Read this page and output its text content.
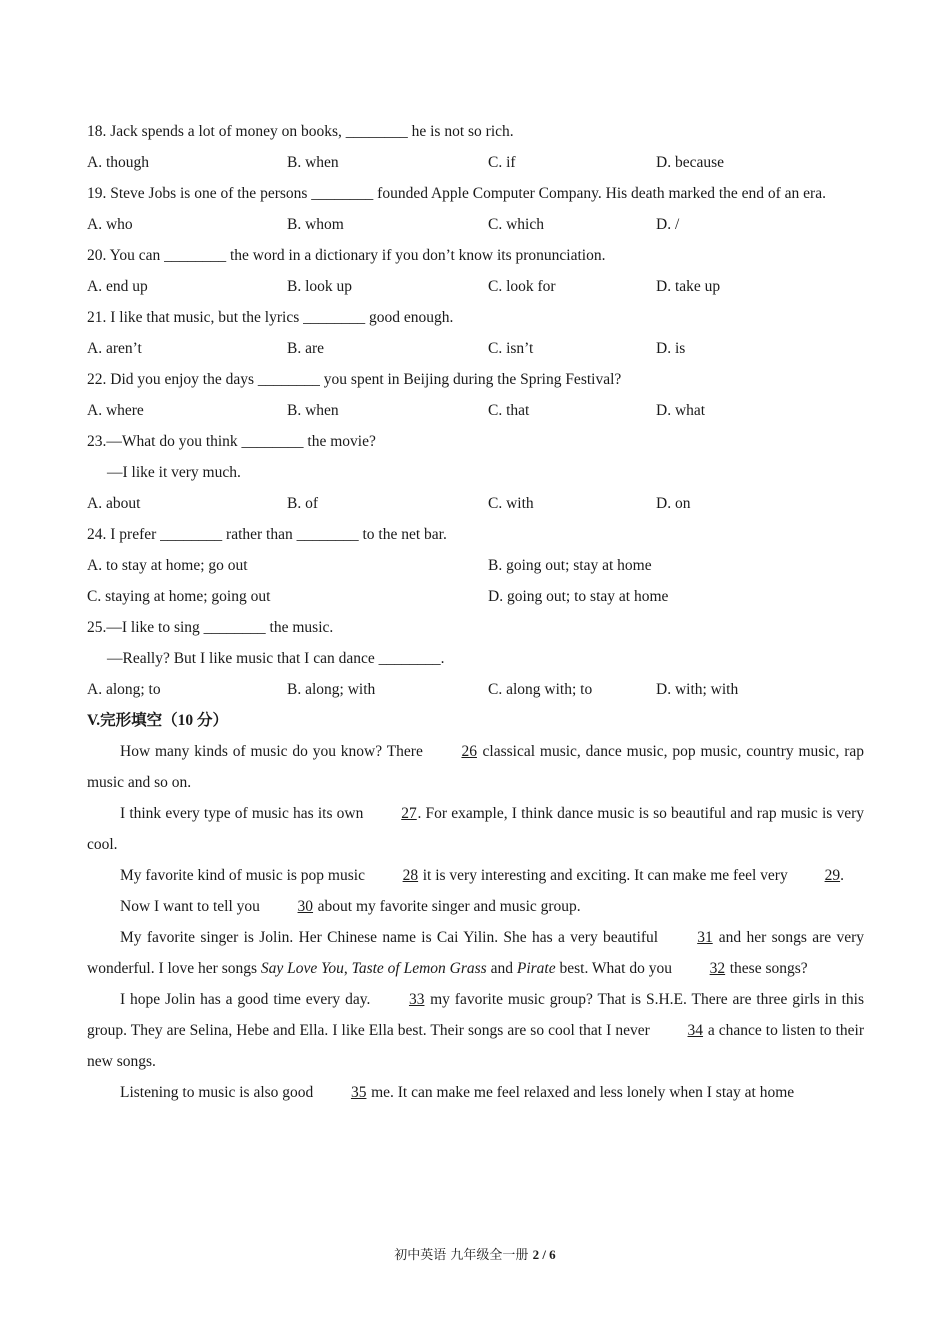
18. Jack spends a lot of money on books, ________ he is not so rich.
A. though	B. when	C. if	D. because
19. Steve Jobs is one of the persons ________ founded Apple Computer Company. His death marked the end of an era.
A. who	B. whom	C. which	D. /
20. You can ________ the word in a dictionary if you don’t know its pronunciation.
A. end up	B. look up	C. look for	D. take up
21. I like that music, but the lyrics ________ good enough.
A. aren’t	B. are	C. isn’t	D. is
22. Did you enjoy the days ________ you spent in Beijing during the Spring Festival?
A. where	B. when	C. that	D. what
23.—What do you think ________ the movie?
—I like it very much.
A. about	B. of	C. with	D. on
24. I prefer ________ rather than ________ to the net bar.
A. to stay at home; go out	B. going out; stay at home
C. staying at home; going out	D. going out; to stay at home
25.—I like to sing ________ the music.
—Really? But I like music that I can dance ________.
A. along; to	B. along; with	C. along with; to	D. with; with
V.完形填空（10 分）
How many kinds of music do you know? There 26 classical music, dance music, pop music, country music, rap music and so on.
I think every type of music has its own 27. For example, I think dance music is so beautiful and rap music is very cool.
My favorite kind of music is pop music 28 it is very interesting and exciting. It can make me feel very 29.
Now I want to tell you 30 about my favorite singer and music group.
My favorite singer is Jolin. Her Chinese name is Cai Yilin. She has a very beautiful 31 and her songs are very wonderful. I love her songs Say Love You, Taste of Lemon Grass and Pirate best. What do you 32 these songs?
I hope Jolin has a good time every day. 33 my favorite music group? That is S.H.E. There are three girls in this group. They are Selina, Hebe and Ella. I like Ella best. Their songs are so cool that I never 34 a chance to listen to their new songs.
Listening to music is also good 35 me. It can make me feel relaxed and less lonely when I stay at home
初中英语 九年级全一册 2 / 6
